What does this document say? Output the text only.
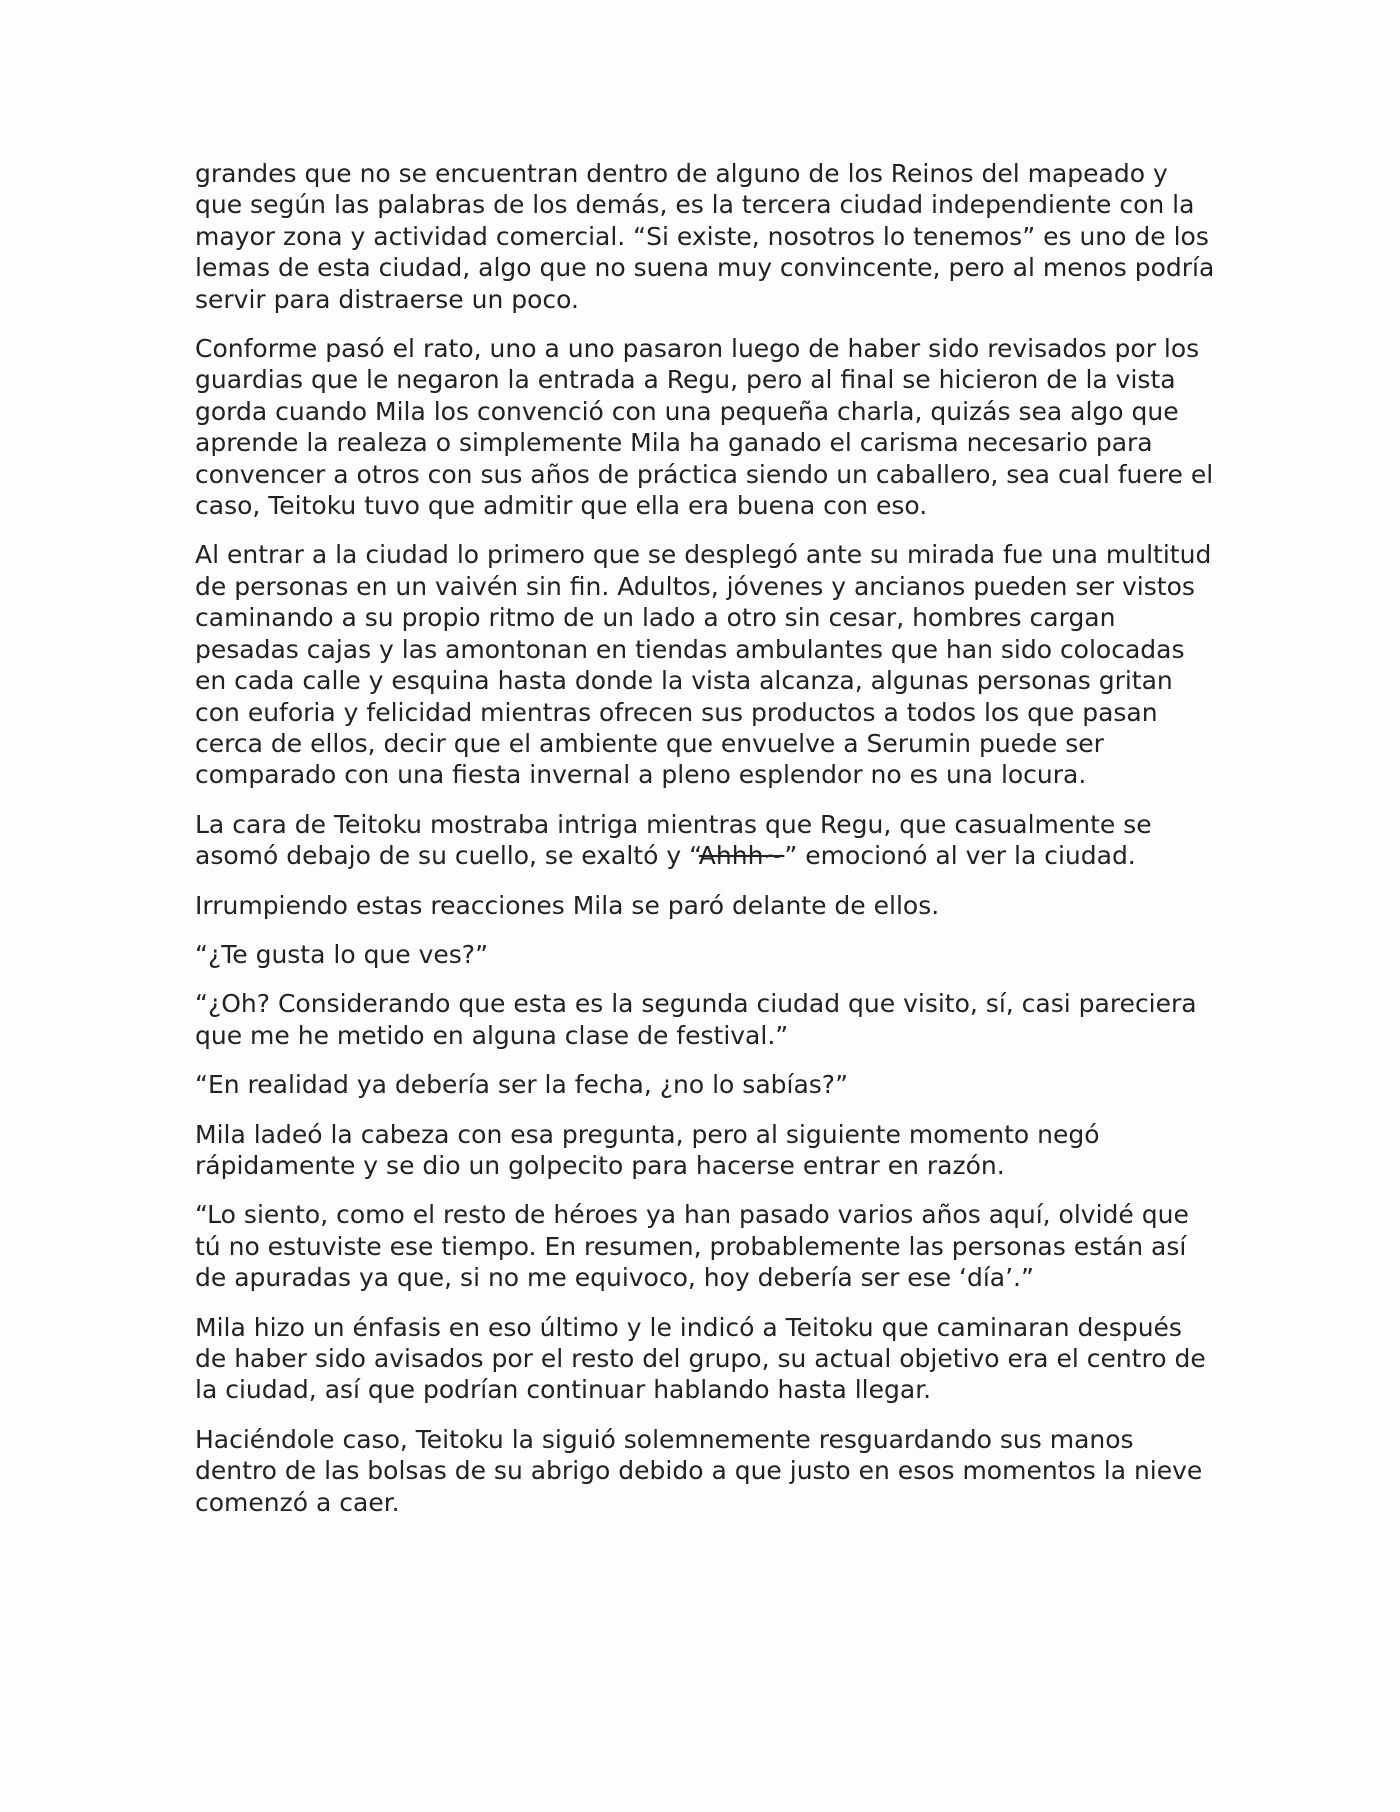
grandes que no se encuentran dentro de alguno de los Reinos del mapeado y que según las palabras de los demás, es la tercera ciudad independiente con la mayor zona y actividad comercial. “Si existe, nosotros lo tenemos” es uno de los lemas de esta ciudad, algo que no suena muy convincente, pero al menos podría servir para distraerse un poco.

Conforme pasó el rato, uno a uno pasaron luego de haber sido revisados por los guardias que le negaron la entrada a Regu, pero al final se hicieron de la vista gorda cuando Mila los convenció con una pequeña charla, quizás sea algo que aprende la realeza o simplemente Mila ha ganado el carisma necesario para convencer a otros con sus años de práctica siendo un caballero, sea cual fuere el caso, Teitoku tuvo que admitir que ella era buena con eso.

Al entrar a la ciudad lo primero que se desplegó ante su mirada fue una multitud de personas en un vaivén sin fin. Adultos, jóvenes y ancianos pueden ser vistos caminando a su propio ritmo de un lado a otro sin cesar, hombres cargan pesadas cajas y las amontonan en tiendas ambulantes que han sido colocadas en cada calle y esquina hasta donde la vista alcanza, algunas personas gritan con euforia y felicidad mientras ofrecen sus productos a todos los que pasan cerca de ellos, decir que el ambiente que envuelve a Serumin puede ser comparado con una fiesta invernal a pleno esplendor no es una locura.

La cara de Teitoku mostraba intriga mientras que Regu, que casualmente se asomó debajo de su cuello, se exaltó y “Ahhh~” emocionó al ver la ciudad.

Irrumpiendo estas reacciones Mila se paró delante de ellos.

“¿Te gusta lo que ves?”

“¿Oh? Considerando que esta es la segunda ciudad que visito, sí, casi pareciera que me he metido en alguna clase de festival.”

“En realidad ya debería ser la fecha, ¿no lo sabías?”

Mila ladeó la cabeza con esa pregunta, pero al siguiente momento negó rápidamente y se dio un golpecito para hacerse entrar en razón.

“Lo siento, como el resto de héroes ya han pasado varios años aquí, olvidé que tú no estuviste ese tiempo. En resumen, probablemente las personas están así de apuradas ya que, si no me equivoco, hoy debería ser ese ‘día’.”

Mila hizo un énfasis en eso último y le indicó a Teitoku que caminaran después de haber sido avisados por el resto del grupo, su actual objetivo era el centro de la ciudad, así que podrían continuar hablando hasta llegar.

Haciéndole caso, Teitoku la siguió solemnemente resguardando sus manos dentro de las bolsas de su abrigo debido a que justo en esos momentos la nieve comenzó a caer.
